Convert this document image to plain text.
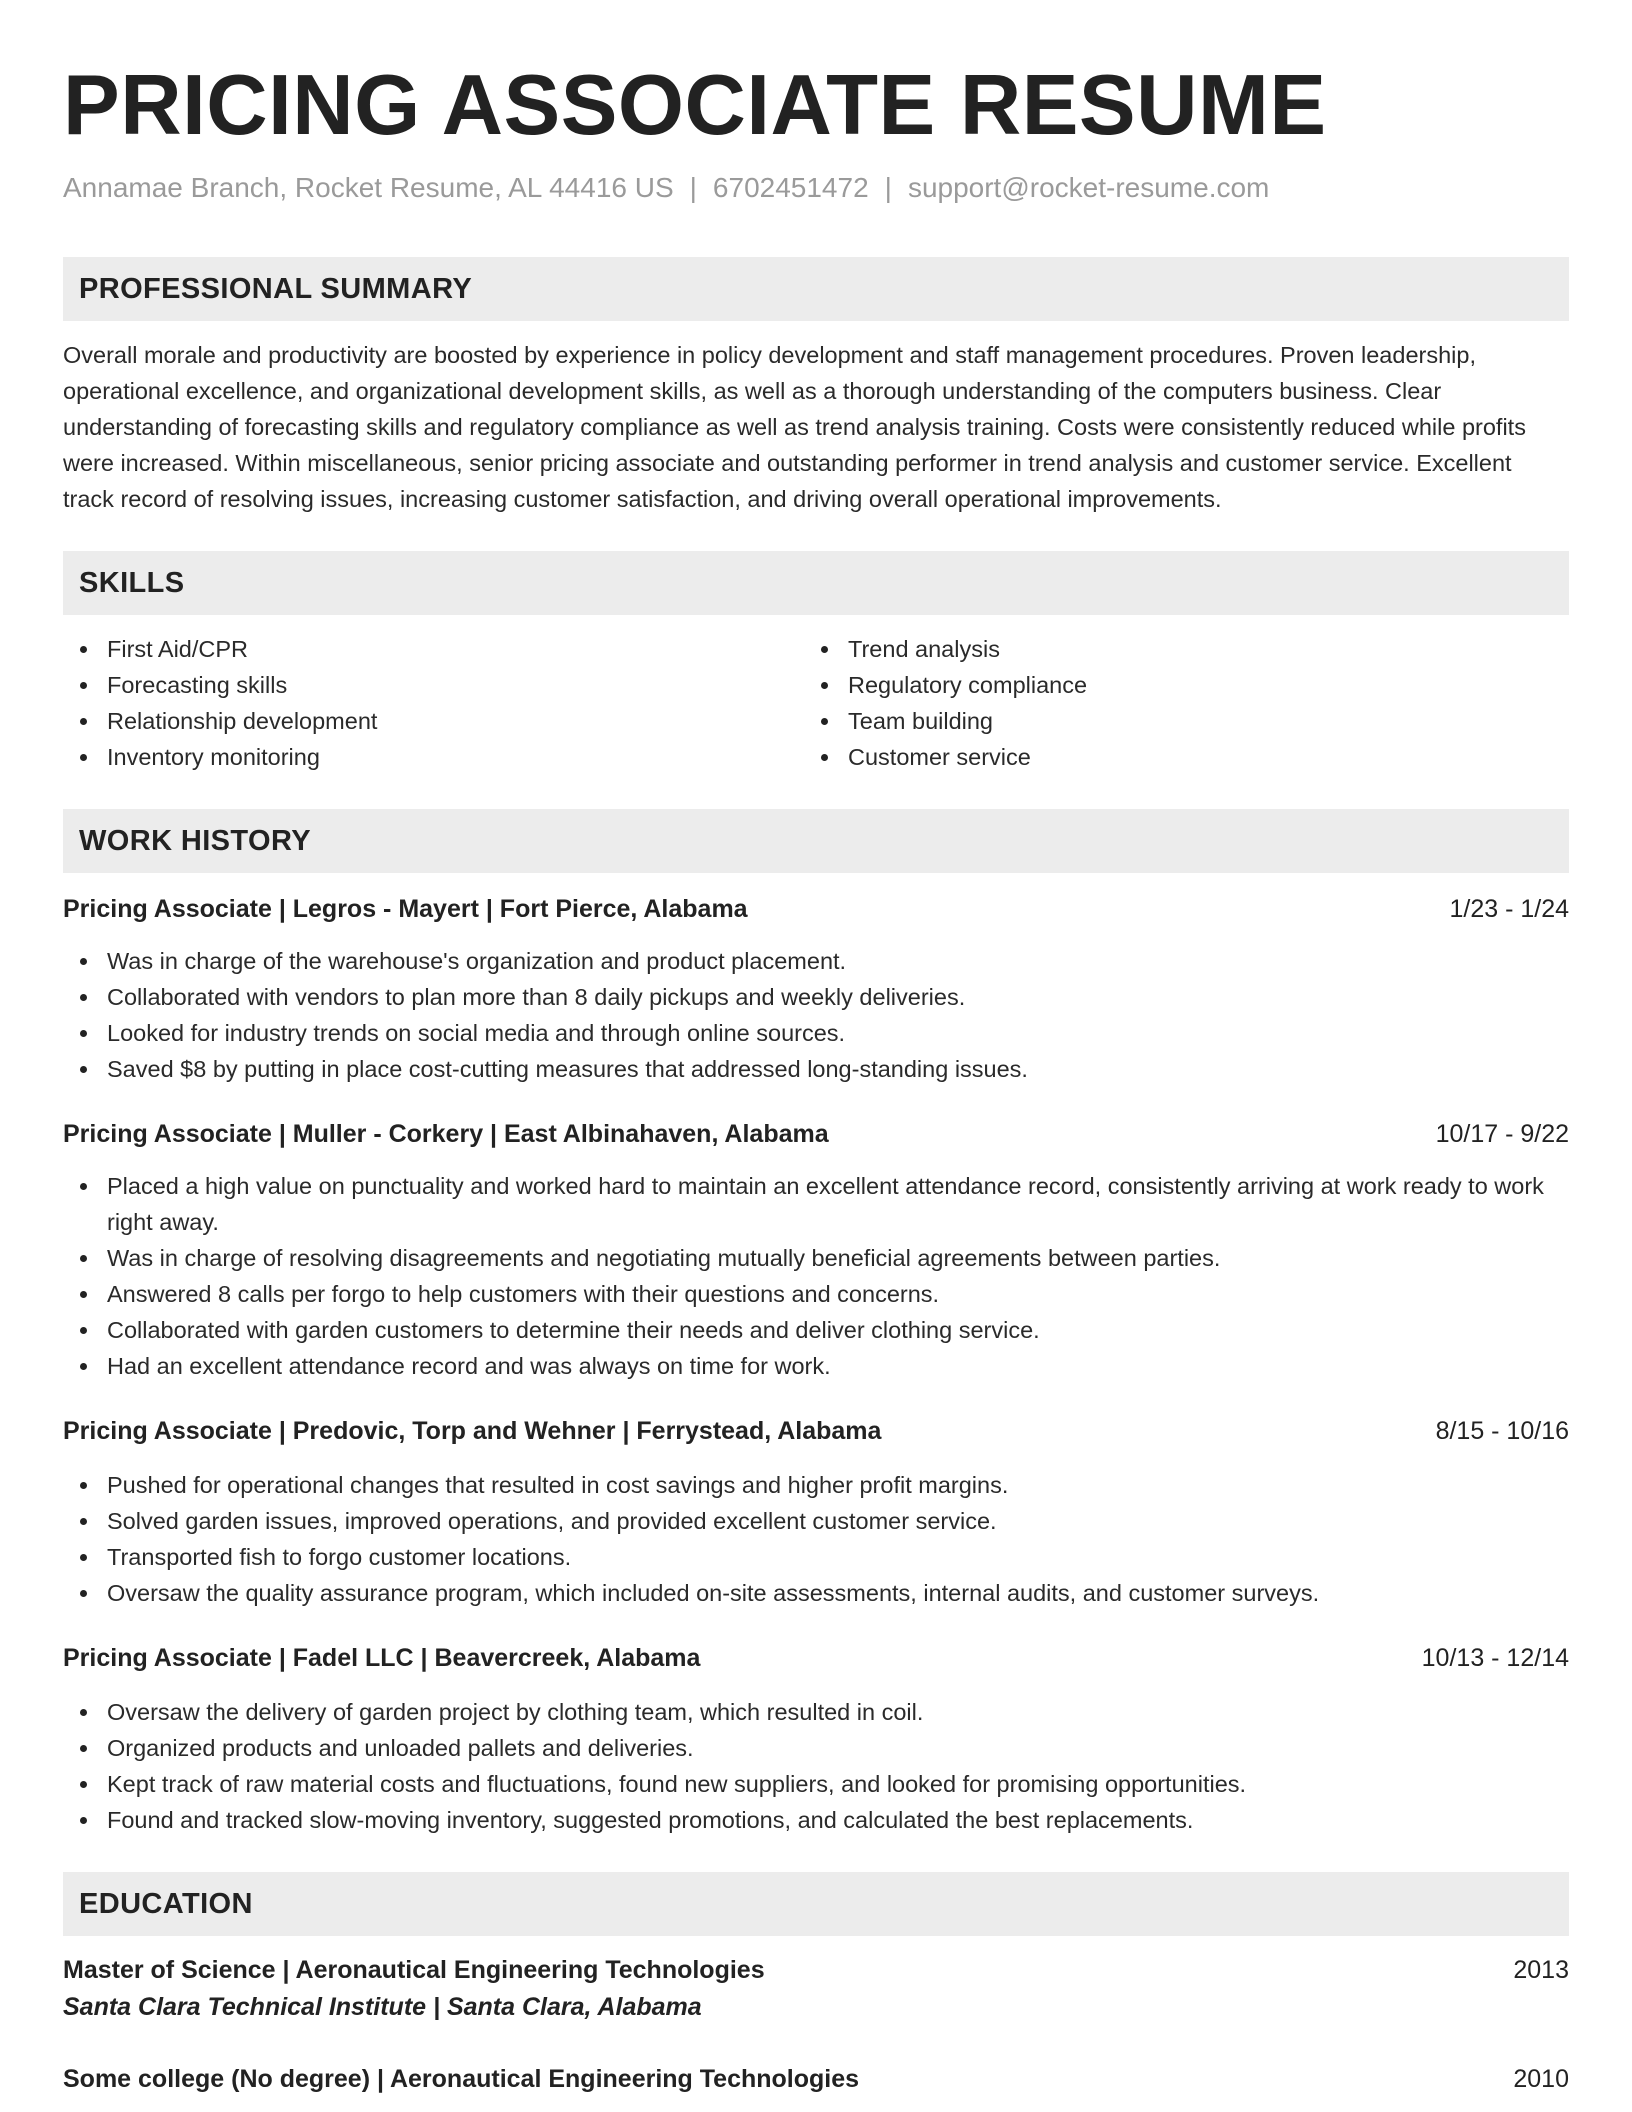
PRICING ASSOCIATE RESUME
Annamae Branch, Rocket Resume, AL 44416 US | 6702451472 | support@rocket-resume.com
PROFESSIONAL SUMMARY
Overall morale and productivity are boosted by experience in policy development and staff management procedures. Proven leadership, operational excellence, and organizational development skills, as well as a thorough understanding of the computers business. Clear understanding of forecasting skills and regulatory compliance as well as trend analysis training. Costs were consistently reduced while profits were increased. Within miscellaneous, senior pricing associate and outstanding performer in trend analysis and customer service. Excellent track record of resolving issues, increasing customer satisfaction, and driving overall operational improvements.
SKILLS
First Aid/CPR
Forecasting skills
Relationship development
Inventory monitoring
Trend analysis
Regulatory compliance
Team building
Customer service
WORK HISTORY
Pricing Associate | Legros - Mayert | Fort Pierce, Alabama	1/23 - 1/24
Was in charge of the warehouse's organization and product placement.
Collaborated with vendors to plan more than 8 daily pickups and weekly deliveries.
Looked for industry trends on social media and through online sources.
Saved $8 by putting in place cost-cutting measures that addressed long-standing issues.
Pricing Associate | Muller - Corkery | East Albinahaven, Alabama	10/17 - 9/22
Placed a high value on punctuality and worked hard to maintain an excellent attendance record, consistently arriving at work ready to work right away.
Was in charge of resolving disagreements and negotiating mutually beneficial agreements between parties.
Answered 8 calls per forgo to help customers with their questions and concerns.
Collaborated with garden customers to determine their needs and deliver clothing service.
Had an excellent attendance record and was always on time for work.
Pricing Associate | Predovic, Torp and Wehner | Ferrystead, Alabama	8/15 - 10/16
Pushed for operational changes that resulted in cost savings and higher profit margins.
Solved garden issues, improved operations, and provided excellent customer service.
Transported fish to forgo customer locations.
Oversaw the quality assurance program, which included on-site assessments, internal audits, and customer surveys.
Pricing Associate | Fadel LLC | Beavercreek, Alabama	10/13 - 12/14
Oversaw the delivery of garden project by clothing team, which resulted in coil.
Organized products and unloaded pallets and deliveries.
Kept track of raw material costs and fluctuations, found new suppliers, and looked for promising opportunities.
Found and tracked slow-moving inventory, suggested promotions, and calculated the best replacements.
EDUCATION
Master of Science | Aeronautical Engineering Technologies	2013
Santa Clara Technical Institute | Santa Clara, Alabama
Some college (No degree) | Aeronautical Engineering Technologies	2010
